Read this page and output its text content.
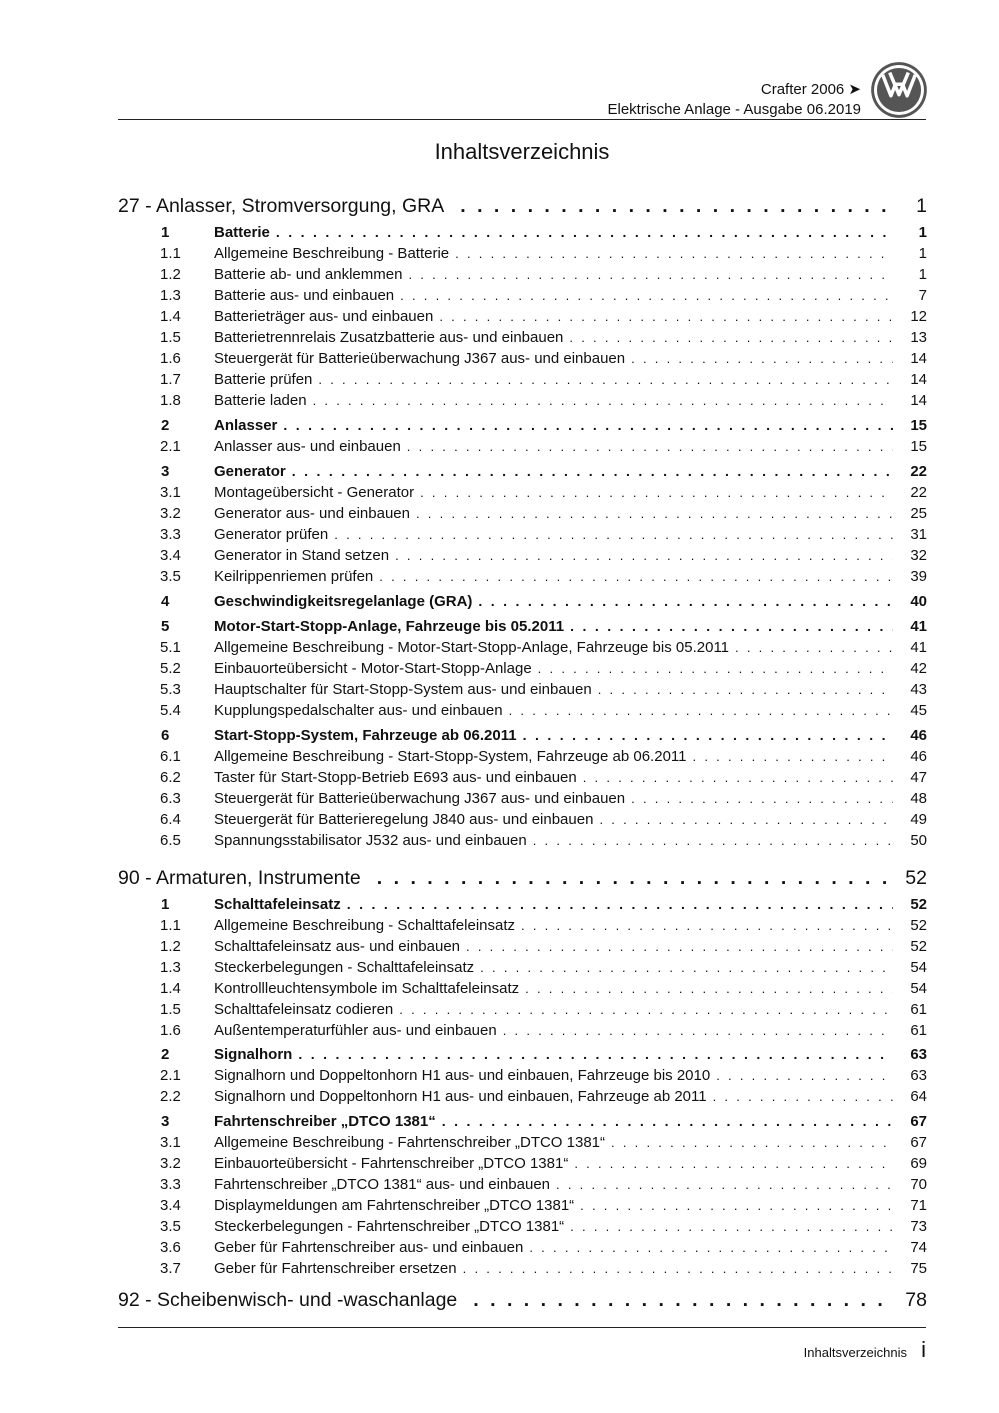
Crafter 2006 ➤
Elektrische Anlage - Ausgabe 06.2019
Inhaltsverzeichnis
27 - Anlasser, Stromversorgung, GRA . . .	1
1	Batterie . . .	1
1.1	Allgemeine Beschreibung - Batterie . . .	1
1.2	Batterie ab- und anklemmen . . .	1
1.3	Batterie aus- und einbauen . . .	7
1.4	Batterieträger aus- und einbauen . . .	12
1.5	Batterietrennrelais Zusatzbatterie aus- und einbauen . . .	13
1.6	Steuergerät für Batterieüberwachung J367 aus- und einbauen . . .	14
1.7	Batterie prüfen . . .	14
1.8	Batterie laden . . .	14
2	Anlasser . . .	15
2.1	Anlasser aus- und einbauen . . .	15
3	Generator . . .	22
3.1	Montageübersicht - Generator . . .	22
3.2	Generator aus- und einbauen . . .	25
3.3	Generator prüfen . . .	31
3.4	Generator in Stand setzen . . .	32
3.5	Keilrippenriemen prüfen . . .	39
4	Geschwindigkeitsregelanlage (GRA) . . .	40
5	Motor-Start-Stopp-Anlage, Fahrzeuge bis 05.2011 . . .	41
5.1	Allgemeine Beschreibung - Motor-Start-Stopp-Anlage, Fahrzeuge bis 05.2011 . . .	41
5.2	Einbauorteübersicht - Motor-Start-Stopp-Anlage . . .	42
5.3	Hauptschalter für Start-Stopp-System aus- und einbauen . . .	43
5.4	Kupplungspedalschalter aus- und einbauen . . .	45
6	Start-Stopp-System, Fahrzeuge ab 06.2011 . . .	46
6.1	Allgemeine Beschreibung - Start-Stopp-System, Fahrzeuge ab 06.2011 . . .	46
6.2	Taster für Start-Stopp-Betrieb E693 aus- und einbauen . . .	47
6.3	Steuergerät für Batterieüberwachung J367 aus- und einbauen . . .	48
6.4	Steuergerät für Batterieregelung J840 aus- und einbauen . . .	49
6.5	Spannungsstabilisator J532 aus- und einbauen . . .	50
90 - Armaturen, Instrumente . . .	52
1	Schalttafeleinsatz . . .	52
1.1	Allgemeine Beschreibung - Schalttafeleinsatz . . .	52
1.2	Schalttafeleinsatz aus- und einbauen . . .	52
1.3	Steckerbelegungen - Schalttafeleinsatz . . .	54
1.4	Kontrollleuchtensymbole im Schalttafeleinsatz . . .	54
1.5	Schalttafeleinsatz codieren . . .	61
1.6	Außentemperaturfühler aus- und einbauen . . .	61
2	Signalhorn . . .	63
2.1	Signalhorn und Doppeltonhorn H1 aus- und einbauen, Fahrzeuge bis 2010 . . .	63
2.2	Signalhorn und Doppeltonhorn H1 aus- und einbauen, Fahrzeuge ab 2011 . . .	64
3	Fahrtenschreiber „DTCO 1381“ . . .	67
3.1	Allgemeine Beschreibung - Fahrtenschreiber „DTCO 1381“ . . .	67
3.2	Einbauorteübersicht - Fahrtenschreiber „DTCO 1381“ . . .	69
3.3	Fahrtenschreiber „DTCO 1381“ aus- und einbauen . . .	70
3.4	Displaymeldungen am Fahrtenschreiber „DTCO 1381“ . . .	71
3.5	Steckerbelegungen - Fahrtenschreiber „DTCO 1381“ . . .	73
3.6	Geber für Fahrtenschreiber aus- und einbauen . . .	74
3.7	Geber für Fahrtenschreiber ersetzen . . .	75
92 - Scheibenwisch- und -waschanlage . . .	78
Inhaltsverzeichnis i
